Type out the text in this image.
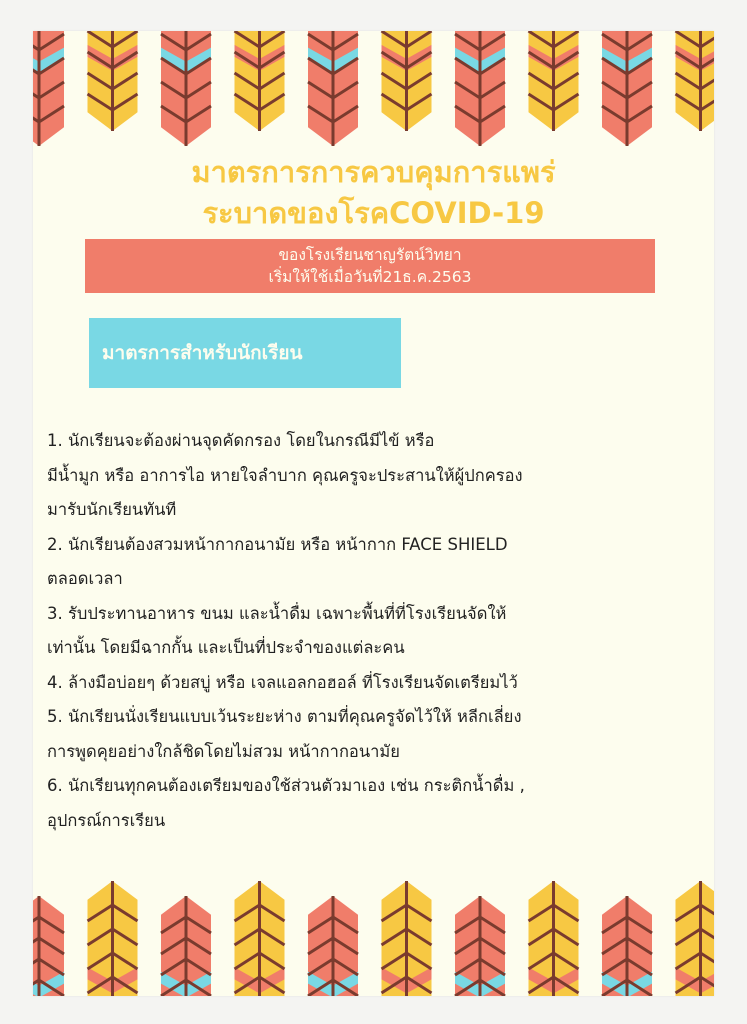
มาตรการการควบคุมการแพร่
ระบาดของโรคCOVID-19
ของโรงเรียนชาญรัตน์วิทยา
เริ่มให้ใช้เมื่อวันที่21ธ.ค.2563
มาตรการสำหรับนักเรียน
1. นักเรียนจะต้องผ่านจุดคัดกรอง โดยในกรณีมีไข้ หรือ
มีน้ำมูก หรือ อาการไอ หายใจลำบาก คุณครูจะประสานให้ผู้ปกครอง
มารับนักเรียนทันที
2. นักเรียนต้องสวมหน้ากากอนามัย หรือ หน้ากาก FACE SHIELD
ตลอดเวลา
3. รับประทานอาหาร ขนม และน้ำดื่ม เฉพาะพื้นที่ที่โรงเรียนจัดให้
เท่านั้น โดยมีฉากกั้น และเป็นที่ประจำของแต่ละคน
4. ล้างมือบ่อยๆ ด้วยสบู่ หรือ เจลแอลกอฮอล์ ที่โรงเรียนจัดเตรียมไว้
5. นักเรียนนั่งเรียนแบบเว้นระยะห่าง ตามที่คุณครูจัดไว้ให้ หลีกเลี่ยง
การพูดคุยอย่างใกล้ชิดโดยไม่สวม หน้ากากอนามัย
6. นักเรียนทุกคนต้องเตรียมของใช้ส่วนตัวมาเอง เช่น กระติกน้ำดื่ม ,
อุปกรณ์การเรียน
